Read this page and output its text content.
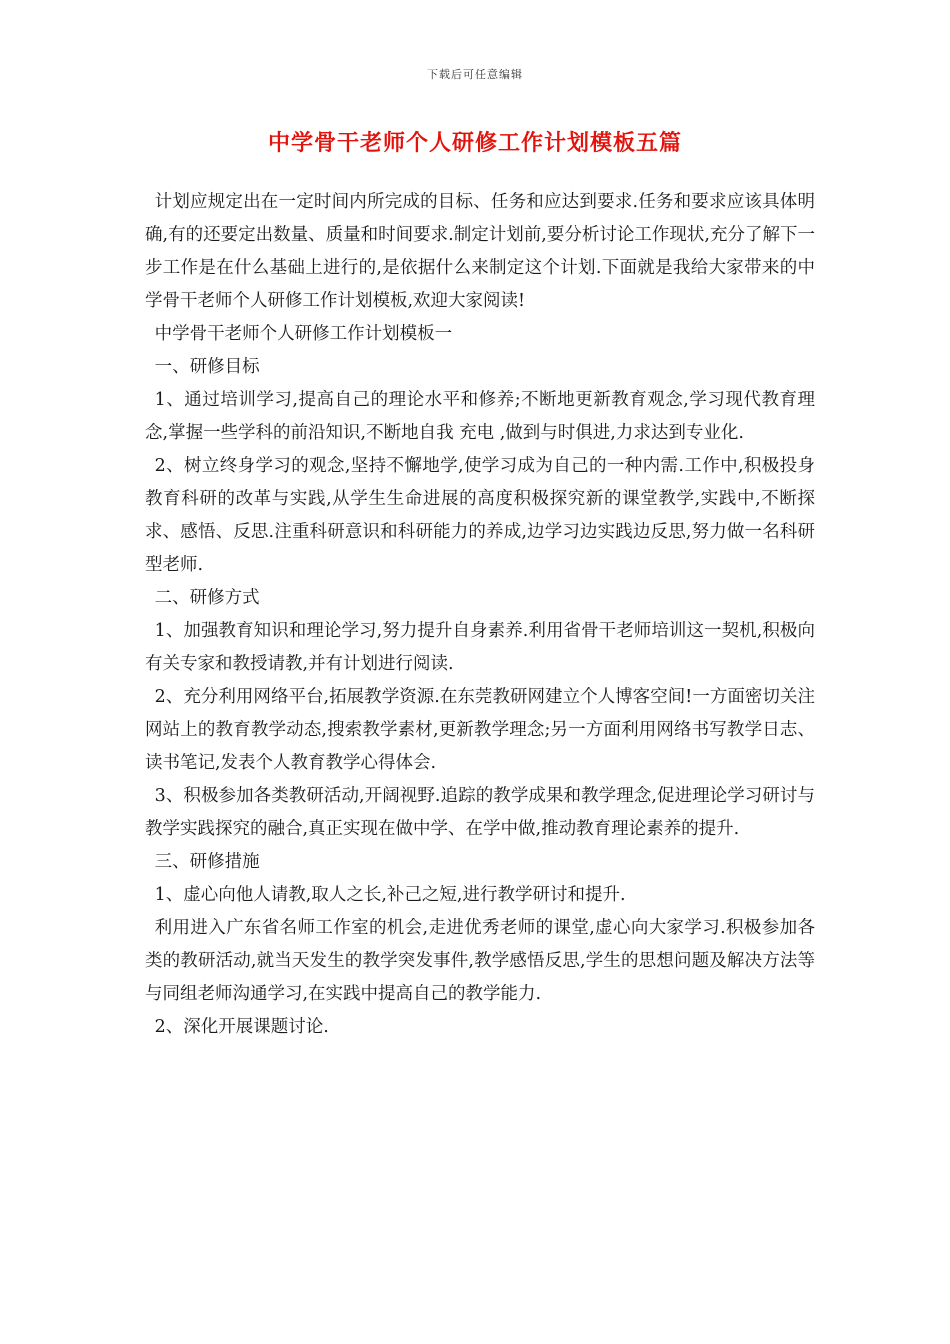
下载后可任意编辑
中学骨干老师个人研修工作计划模板五篇

计划应规定出在一定时间内所完成的目标、任务和应达到要求.任务和要求应该具体明确,有的还要定出数量、质量和时间要求.制定计划前,要分析讨论工作现状,充分了解下一步工作是在什么基础上进行的,是依据什么来制定这个计划.下面就是我给大家带来的中学骨干老师个人研修工作计划模板,欢迎大家阅读!

中学骨干老师个人研修工作计划模板一

一、研修目标

1、通过培训学习,提高自己的理论水平和修养;不断地更新教育观念,学习现代教育理念,掌握一些学科的前沿知识,不断地自我 充电 ,做到与时俱进,力求达到专业化.

2、树立终身学习的观念,坚持不懈地学,使学习成为自己的一种内需.工作中,积极投身教育科研的改革与实践,从学生生命进展的高度积极探究新的课堂教学,实践中,不断探求、感悟、反思.注重科研意识和科研能力的养成,边学习边实践边反思,努力做一名科研型老师.

二、研修方式

1、加强教育知识和理论学习,努力提升自身素养.利用省骨干老师培训这一契机,积极向有关专家和教授请教,并有计划进行阅读.

2、充分利用网络平台,拓展教学资源.在东莞教研网建立个人博客空间!一方面密切关注网站上的教育教学动态,搜索教学素材,更新教学理念;另一方面利用网络书写教学日志、读书笔记,发表个人教育教学心得体会.

3、积极参加各类教研活动,开阔视野.追踪的教学成果和教学理念,促进理论学习研讨与教学实践探究的融合,真正实现在做中学、在学中做,推动教育理论素养的提升.

三、研修措施

1、虚心向他人请教,取人之长,补己之短,进行教学研讨和提升.

利用进入广东省名师工作室的机会,走进优秀老师的课堂,虚心向大家学习.积极参加各类的教研活动,就当天发生的教学突发事件,教学感悟反思,学生的思想问题及解决方法等与同组老师沟通学习,在实践中提高自己的教学能力.

2、深化开展课题讨论.
